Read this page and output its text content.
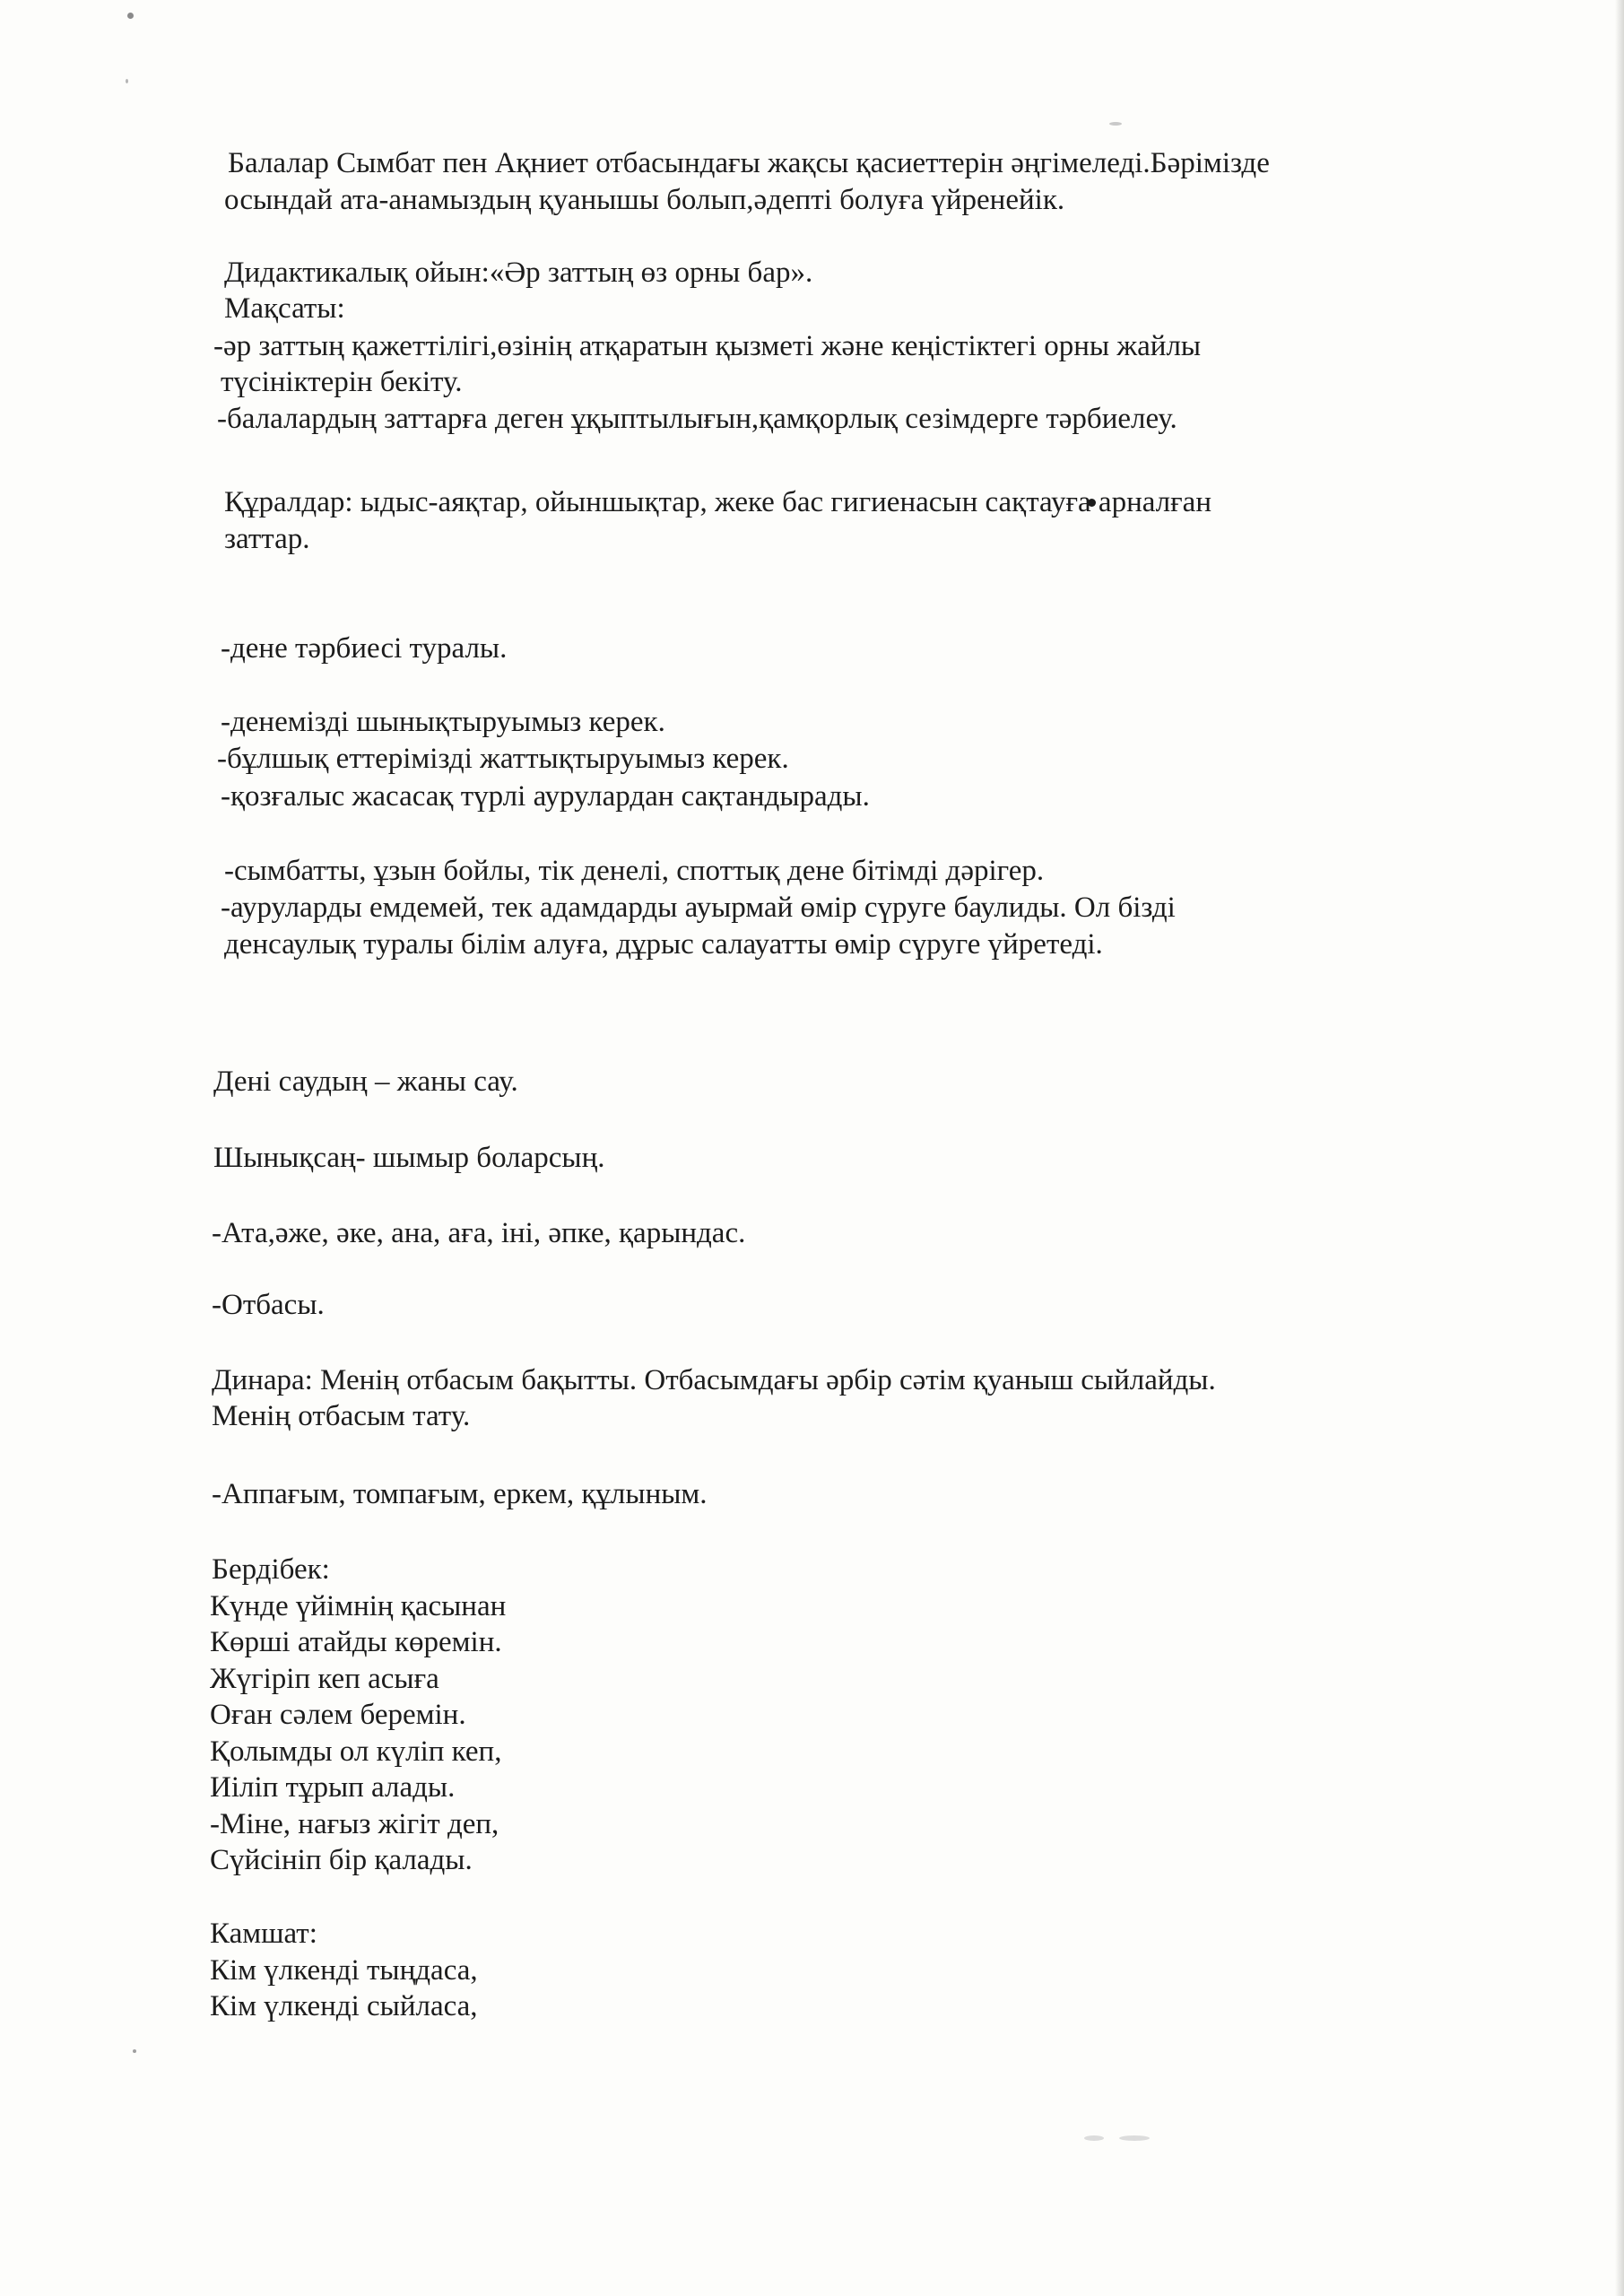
Балалар Сымбат пен Ақниет отбасындағы жақсы қасиеттерін әңгімеледі.Бәрімізде
осындай ата-анамыздың қуанышы болып,әдепті болуға үйренейік.
Дидактикалық ойын:«Әр заттың өз орны бар».
Мақсаты:
-әр заттың қажеттілігі,өзінің атқаратын қызметі және кеңістіктегі орны жайлы
түсініктерін бекіту.
-балалардың заттарға деген ұқыптылығын,қамқорлық сезімдерге тәрбиелеу.
Құралдар: ыдыс-аяқтар, ойыншықтар, жеке бас гигиенасын сақтауға арналған
заттар.
-дене тәрбиесі туралы.
-денемізді шынықтыруымыз керек.
-бұлшық еттерімізді жаттықтыруымыз керек.
-қозғалыс жасасақ түрлі аурулардан сақтандырады.
-сымбатты, ұзын бойлы, тік денелі, споттық дене бітімді дәрігер.
-ауруларды емдемей, тек адамдарды ауырмай өмір сүруге баулиды. Ол бізді
денсаулық туралы білім алуға, дұрыс салауатты өмір сүруге үйретеді.
Дені саудың – жаны сау.
Шынықсаң- шымыр боларсың.
-Ата,әже, әке, ана, аға, іні, әпке, қарындас.
-Отбасы.
Динара: Менің отбасым бақытты. Отбасымдағы әрбір сәтім қуаныш сыйлайды.
Менің отбасым тату.
-Аппағым, томпағым, еркем, құлыным.
Бердібек:
Күнде үйімнің қасынан
Көрші атайды көремін.
Жүгіріп кеп асыға
Оған сәлем беремін.
Қолымды ол күліп кеп,
Иіліп тұрып алады.
-Міне, нағыз жігіт деп,
Сүйсініп бір қалады.
Камшат:
Кім үлкенді тыңдаса,
Кім үлкенді сыйласа,
